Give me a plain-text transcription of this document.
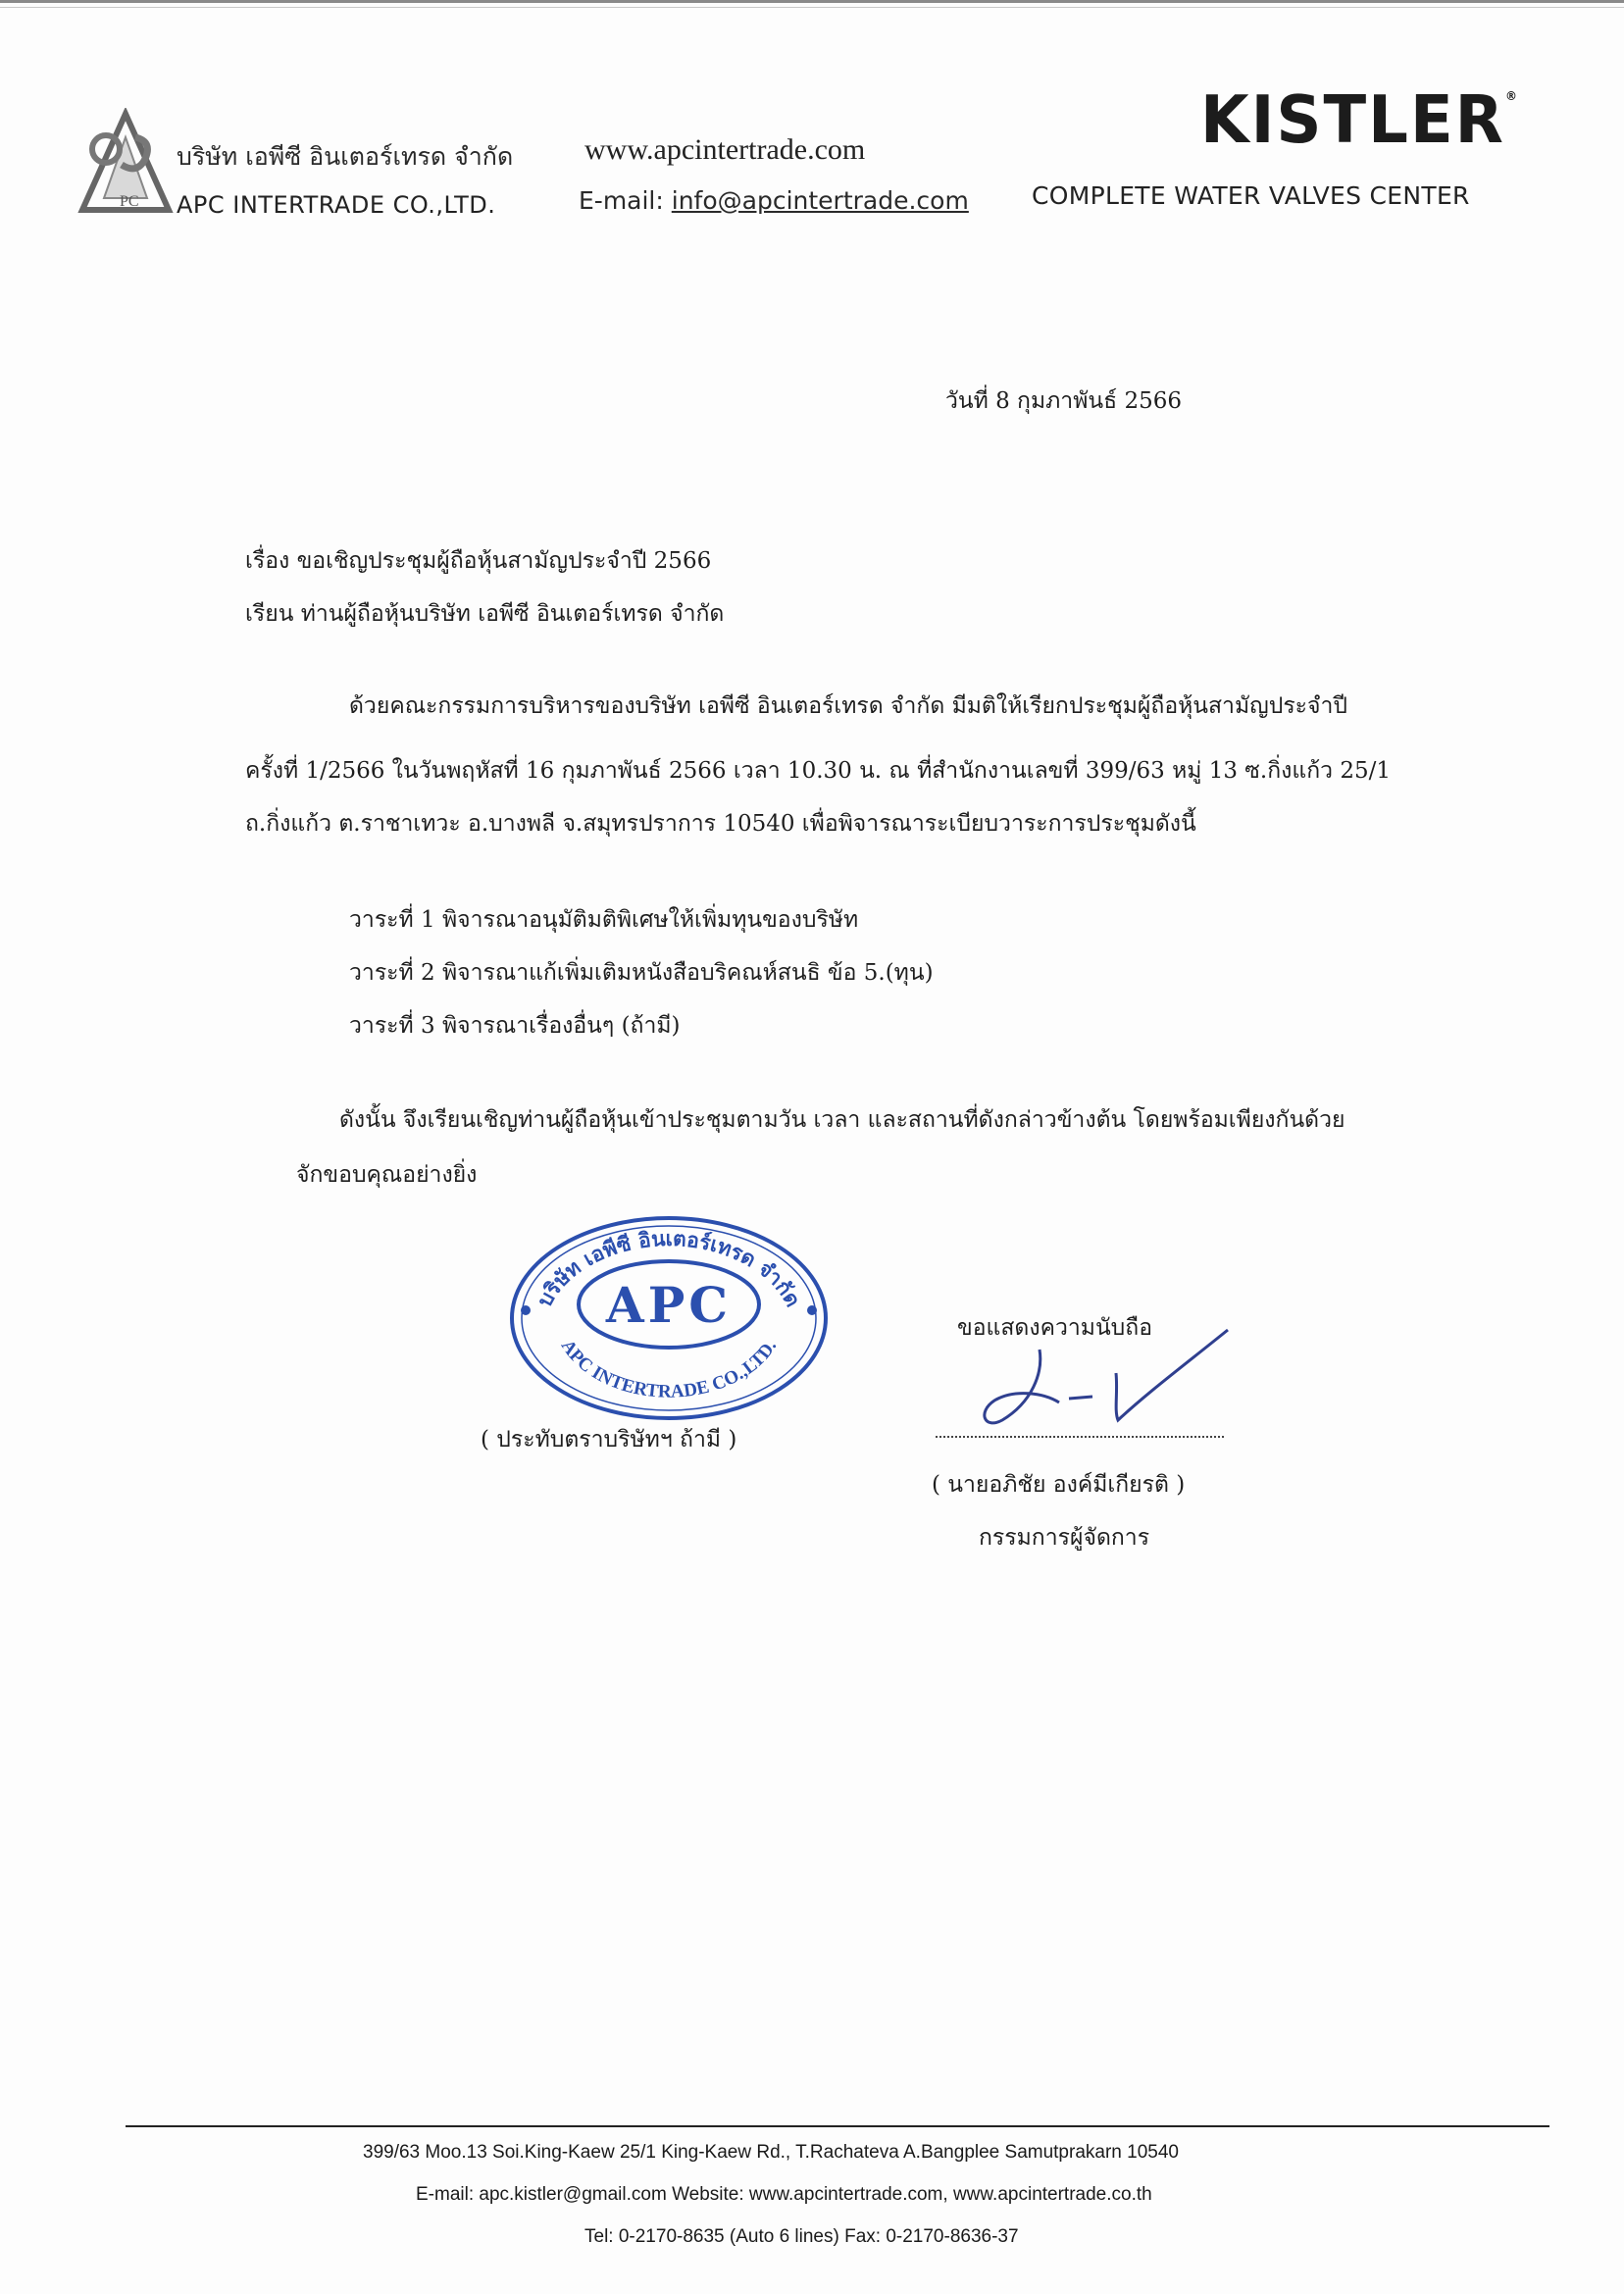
PC
บริษัท เอพีซี อินเตอร์เทรด จำกัด
APC INTERTRADE CO.,LTD.
www.apcintertrade.com
E-mail: info@apcintertrade.com
KISTLER®
COMPLETE WATER VALVES CENTER
วันที่ 8 กุมภาพันธ์ 2566
เรื่อง ขอเชิญประชุมผู้ถือหุ้นสามัญประจำปี 2566
เรียน ท่านผู้ถือหุ้นบริษัท เอพีซี อินเตอร์เทรด จำกัด
ด้วยคณะกรรมการบริหารของบริษัท เอพีซี อินเตอร์เทรด จำกัด มีมติให้เรียกประชุมผู้ถือหุ้นสามัญประจำปี
ครั้งที่ 1/2566 ในวันพฤหัสที่ 16 กุมภาพันธ์ 2566 เวลา 10.30 น. ณ ที่สำนักงานเลขที่ 399/63 หมู่ 13 ซ.กิ่งแก้ว 25/1
ถ.กิ่งแก้ว ต.ราชาเทวะ อ.บางพลี จ.สมุทรปราการ 10540 เพื่อพิจารณาระเบียบวาระการประชุมดังนี้
วาระที่ 1 พิจารณาอนุมัติมติพิเศษให้เพิ่มทุนของบริษัท
วาระที่ 2 พิจารณาแก้เพิ่มเติมหนังสือบริคณห์สนธิ ข้อ 5.(ทุน)
วาระที่ 3 พิจารณาเรื่องอื่นๆ (ถ้ามี)
ดังนั้น จึงเรียนเชิญท่านผู้ถือหุ้นเข้าประชุมตามวัน เวลา และสถานที่ดังกล่าวข้างต้น โดยพร้อมเพียงกันด้วย
จักขอบคุณอย่างยิ่ง
บริษัท เอพีซี อินเตอร์เทรด จำกัด
APC
APC INTERTRADE CO.,LTD.
( ประทับตราบริษัทฯ ถ้ามี )
ขอแสดงความนับถือ
( นายอภิชัย องค์มีเกียรติ )
กรรมการผู้จัดการ
399/63 Moo.13 Soi.King-Kaew 25/1 King-Kaew Rd., T.Rachateva A.Bangplee Samutprakarn 10540
E-mail: apc.kistler@gmail.com Website: www.apcintertrade.com, www.apcintertrade.co.th
Tel: 0-2170-8635 (Auto 6 lines) Fax: 0-2170-8636-37
